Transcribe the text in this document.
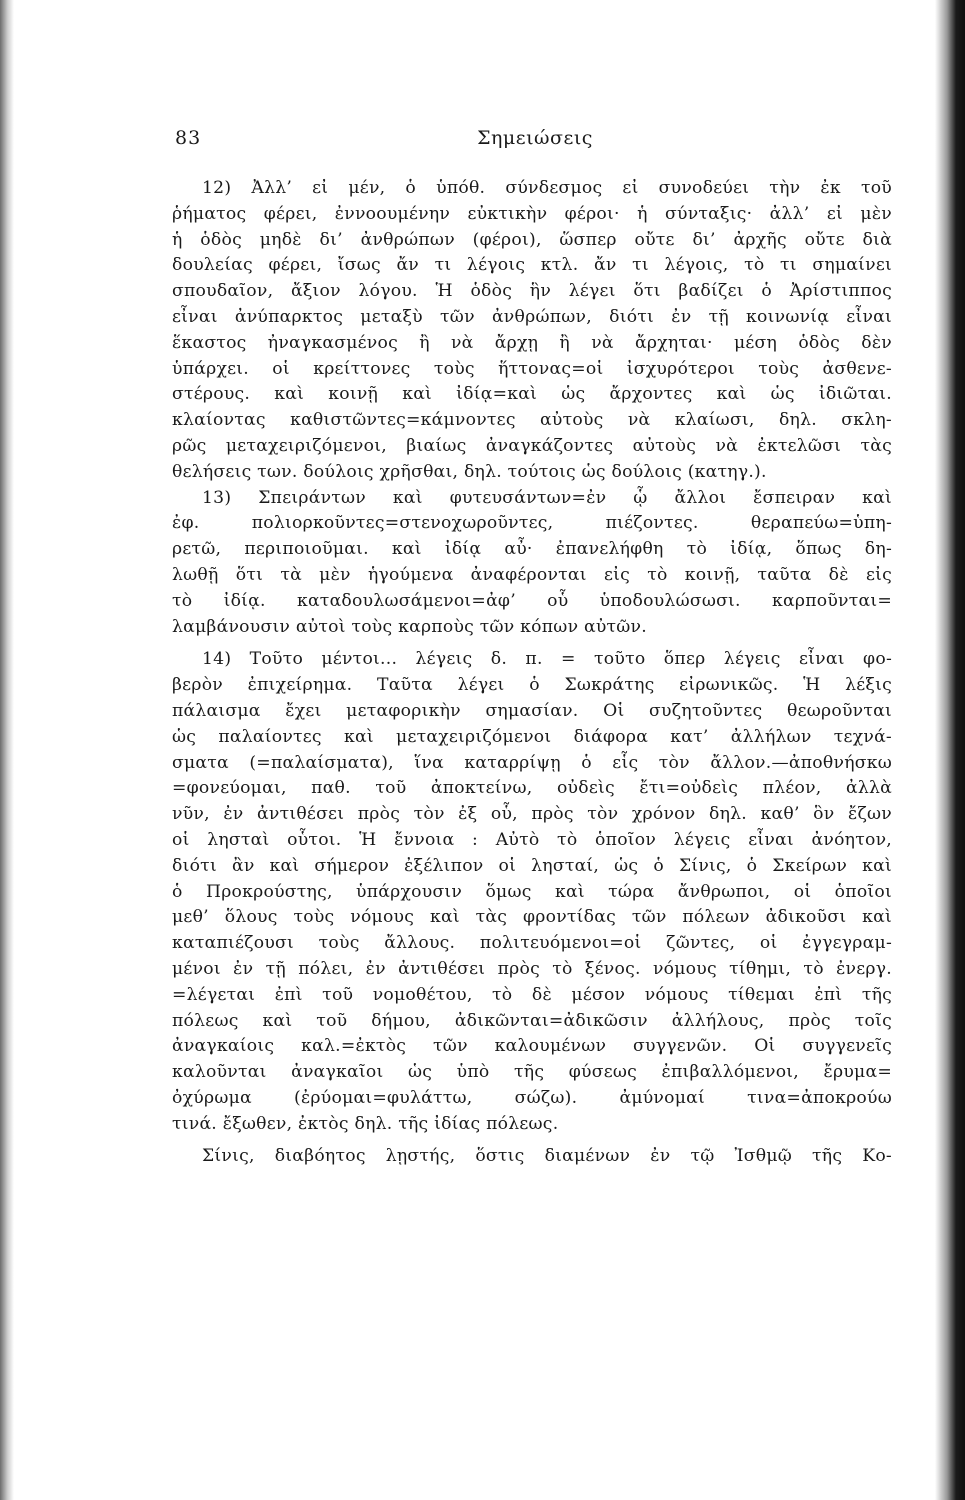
83	Σημειώσεις
12) Ἀλλ’ εἰ μέν, ὁ ὑπόθ. σύνδεσμος εἰ συνοδεύει τὴν ἐκ τοῦ
ῥήματος φέρει, ἐννοουμένην εὐκτικὴν φέροι· ἡ σύνταξις· ἀλλ’ εἰ μὲν
ἡ ὁδὸς μηδὲ δι’ ἀνθρώπων (φέροι), ὥσπερ οὔτε δι’ ἀρχῆς οὔτε διὰ
δουλείας φέρει, ἴσως ἄν τι λέγοις κτλ. ἄν τι λέγοις, τὸ τι σημαίνει
σπουδαῖον, ἄξιον λόγου. Ἡ ὁδὸς ἣν λέγει ὅτι βαδίζει ὁ Ἀρίστιππος
εἶναι ἀνύπαρκτος μεταξὺ τῶν ἀνθρώπων, διότι ἐν τῇ κοινωνίᾳ εἶναι
ἕκαστος ἠναγκασμένος ἢ νὰ ἄρχῃ ἢ νὰ ἄρχηται· μέση ὁδὸς δὲν
ὑπάρχει. οἱ κρείττονες τοὺς ἥττονας=οἱ ἰσχυρότεροι τοὺς ἀσθενε-
στέρους. καὶ κοινῇ καὶ ἰδίᾳ=καὶ ὡς ἄρχοντες καὶ ὡς ἰδιῶται.
κλαίοντας καθιστῶντες=κάμνοντες αὐτοὺς νὰ κλαίωσι, δηλ. σκλη-
ρῶς μεταχειριζόμενοι, βιαίως ἀναγκάζοντες αὐτοὺς νὰ ἐκτελῶσι τὰς
θελήσεις των. δούλοις χρῆσθαι, δηλ. τούτοις ὡς δούλοις (κατηγ.).
13) Σπειράντων καὶ φυτευσάντων=ἐν ᾧ ἄλλοι ἔσπειραν καὶ
ἐφ. πολιορκοῦντες=στενοχωροῦντες, πιέζοντες. θεραπεύω=ὑπη-
ρετῶ, περιποιοῦμαι. καὶ ἰδίᾳ αὖ· ἐπανελήφθη τὸ ἰδίᾳ, ὅπως δη-
λωθῇ ὅτι τὰ μὲν ἡγούμενα ἀναφέρονται εἰς τὸ κοινῇ, ταῦτα δὲ εἰς
τὸ ἰδίᾳ. καταδουλωσάμενοι=ἀφ’ οὗ ὑποδουλώσωσι. καρποῦνται=
λαμβάνουσιν αὐτοὶ τοὺς καρποὺς τῶν κόπων αὐτῶν.
14) Τοῦτο μέντοι... λέγεις δ. π. = τοῦτο ὅπερ λέγεις εἶναι φο-
βερὸν ἐπιχείρημα. Ταῦτα λέγει ὁ Σωκράτης εἰρωνικῶς. Ἡ λέξις
πάλαισμα ἔχει μεταφορικὴν σημασίαν. Οἱ συζητοῦντες θεωροῦνται
ὡς παλαίοντες καὶ μεταχειριζόμενοι διάφορα κατ’ ἀλλήλων τεχνά-
σματα (=παλαίσματα), ἵνα καταρρίψῃ ὁ εἷς τὸν ἄλλον.—ἀποθνήσκω
=φονεύομαι, παθ. τοῦ ἀποκτείνω, οὐδεὶς ἔτι=οὐδεὶς πλέον, ἀλλὰ
νῦν, ἐν ἀντιθέσει πρὸς τὸν ἐξ οὗ, πρὸς τὸν χρόνον δηλ. καθ’ ὃν ἔζων
οἱ λησταὶ οὗτοι. Ἡ ἔννοια : Αὐτὸ τὸ ὁποῖον λέγεις εἶναι ἀνόητον,
διότι ἂν καὶ σήμερον ἐξέλιπον οἱ λησταί, ὡς ὁ Σίνις, ὁ Σκείρων καὶ
ὁ Προκρούστης, ὑπάρχουσιν ὅμως καὶ τώρα ἄνθρωποι, οἱ ὁποῖοι
μεθ’ ὅλους τοὺς νόμους καὶ τὰς φροντίδας τῶν πόλεων ἀδικοῦσι καὶ
καταπιέζουσι τοὺς ἄλλους. πολιτευόμενοι=οἱ ζῶντες, οἱ ἐγγεγραμ-
μένοι ἐν τῇ πόλει, ἐν ἀντιθέσει πρὸς τὸ ξένος. νόμους τίθημι, τὸ ἐνεργ.
=λέγεται ἐπὶ τοῦ νομοθέτου, τὸ δὲ μέσον νόμους τίθεμαι ἐπὶ τῆς
πόλεως καὶ τοῦ δήμου, ἀδικῶνται=ἀδικῶσιν ἀλλήλους, πρὸς τοῖς
ἀναγκαίοις καλ.=ἐκτὸς τῶν καλουμένων συγγενῶν. Οἱ συγγενεῖς
καλοῦνται ἀναγκαῖοι ὡς ὑπὸ τῆς φύσεως ἐπιβαλλόμενοι, ἔρυμα=
ὀχύρωμα (ἐρύομαι=φυλάττω, σώζω). ἀμύνομαί τινα=ἀποκρούω
τινά. ἔξωθεν, ἐκτὸς δηλ. τῆς ἰδίας πόλεως.
Σίνις, διαβόητος λῃστής, ὅστις διαμένων ἐν τῷ Ἰσθμῷ τῆς Κο-
